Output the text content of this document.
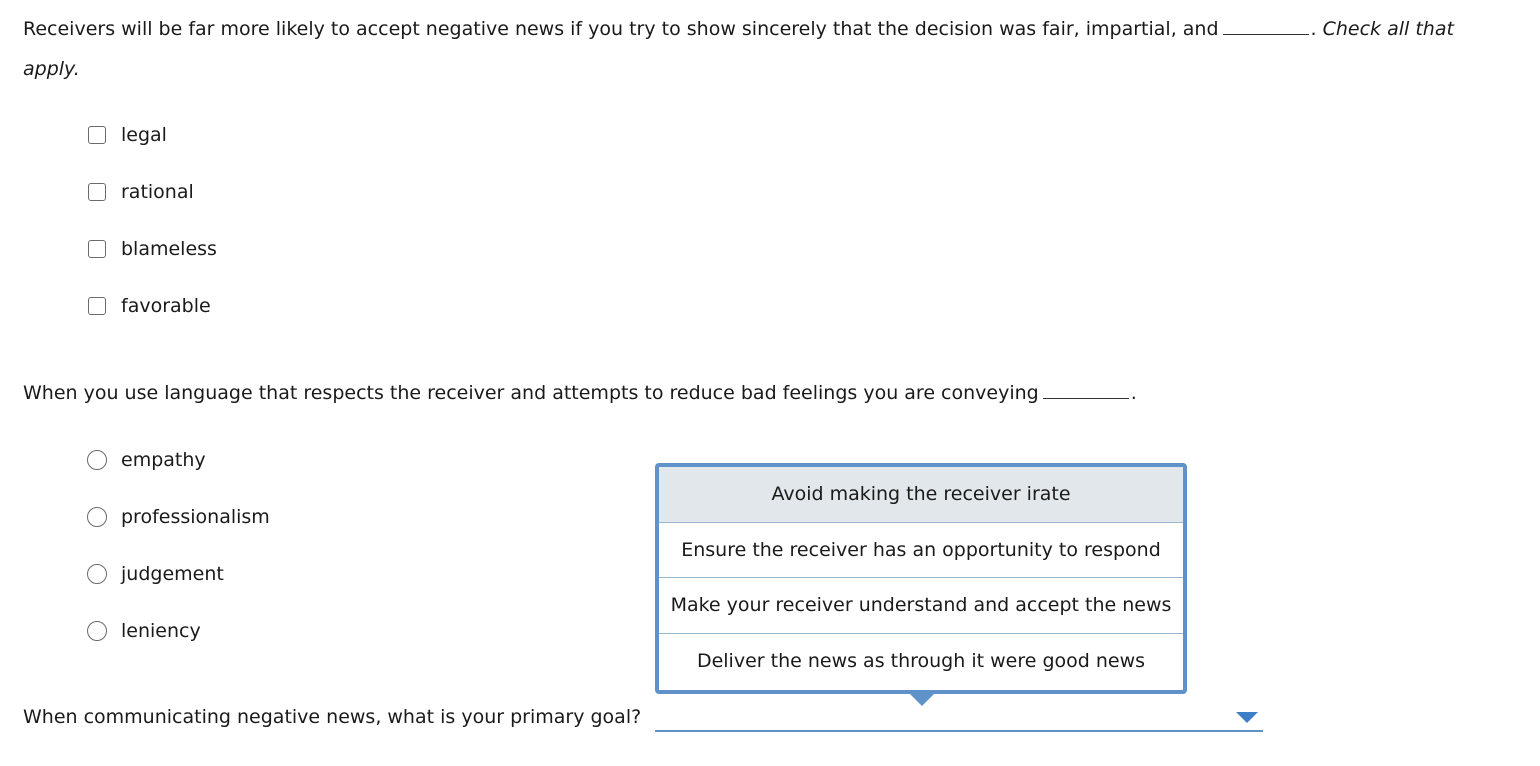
Receivers will be far more likely to accept negative news if you try to show sincerely that the decision was fair, impartial, and	. Check all that
apply.
legal
rational
blameless
favorable
When you use language that respects the receiver and attempts to reduce bad feelings you are conveying	.
empathy
professionalism
judgement
leniency
When communicating negative news, what is your primary goal?
Avoid making the receiver irate
Ensure the receiver has an opportunity to respond
Make your receiver understand and accept the news
Deliver the news as through it were good news
